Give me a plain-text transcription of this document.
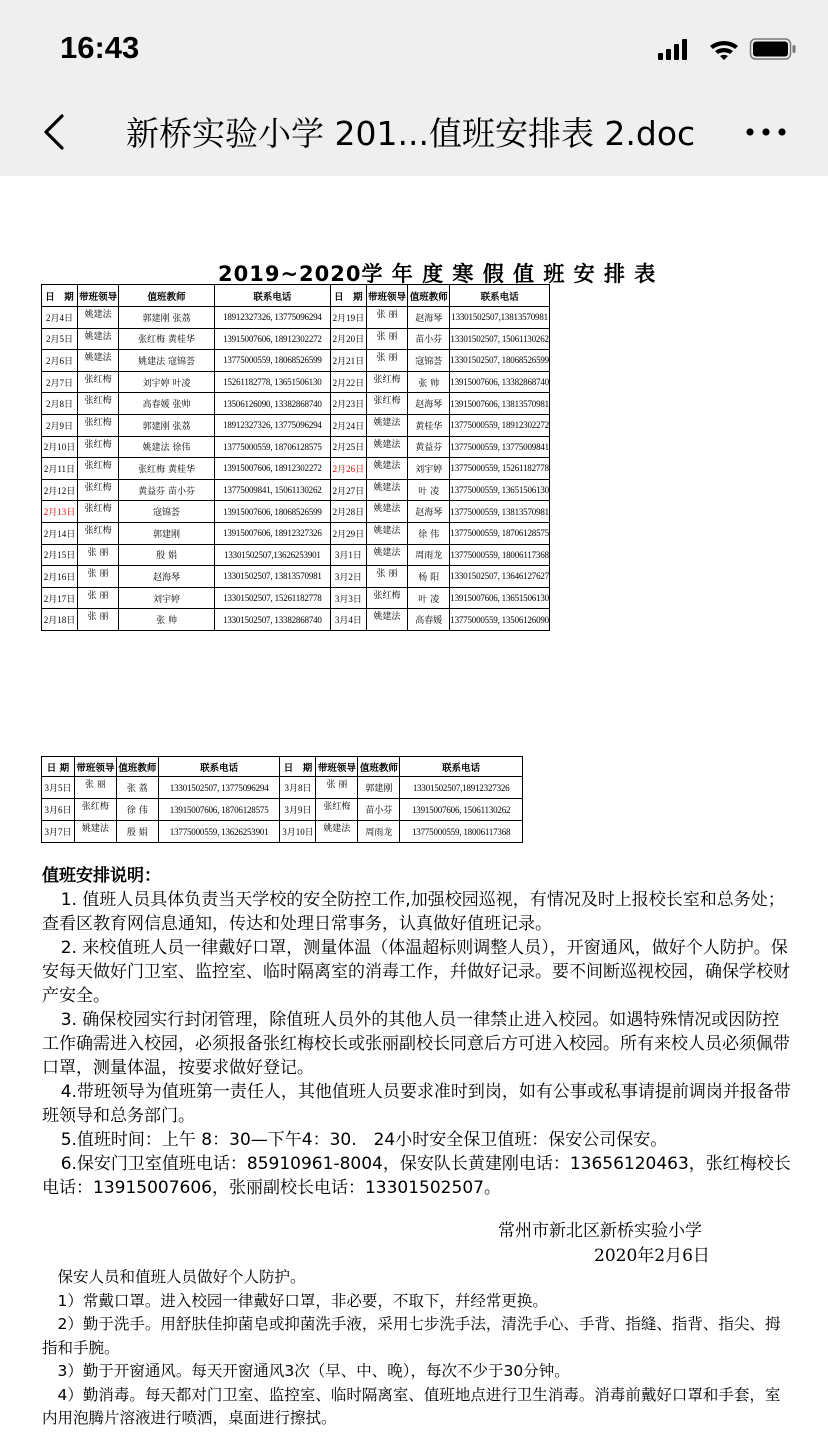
16:43
新桥实验小学 201...值班安排表 2.doc
2019~2020学 年 度 寒 假 值 班 安 排 表
日　期	带班领导	值班教师	联系电话	日　期	带班领导	值班教师	联系电话
2月4日	姚建法	郭建刚 张荔	18912327326, 13775096294	2月19日	张 丽	赵海琴	13301502507,13813570981
2月5日	姚建法	张红梅 黄桂华	13915007606, 18912302272	2月20日	张 丽	苗小芬	13301502507, 15061130262
2月6日	姚建法	姚建法 寇锦荟	13775000559, 18068526599	2月21日	张 丽	寇锦荟	13301502507, 18068526599
2月7日	张红梅	刘宇婷 叶凌	15261182778, 13651506130	2月22日	张红梅	张 帅	13915007606, 13382868740
2月8日	张红梅	高春媛 张帅	13506126090, 13382868740	2月23日	张红梅	赵海琴	13915007606, 13813570981
2月9日	张红梅	郭建刚 张荔	18912327326, 13775096294	2月24日	姚建法	黄桂华	13775000559, 18912302272
2月10日	张红梅	姚建法 徐伟	13775000559, 18706128575	2月25日	姚建法	黄益芬	13775000559, 13775009841
2月11日	张红梅	张红梅 黄桂华	13915007606, 18912302272	2月26日	姚建法	刘宇婷	13775000559, 15261182778
2月12日	张红梅	黄益芬 苗小芬	13775009841, 15061130262	2月27日	姚建法	叶 凌	13775000559, 13651506130
2月13日	张红梅	寇锦荟	13915007606, 18068526599	2月28日	姚建法	赵海琴	13775000559, 13813570981
2月14日	张红梅	郭建刚	13915007606, 18912327326	2月29日	姚建法	徐 伟	13775000559, 18706128575
2月15日	张 丽	殷 娟	13301502507,13626253901	3月1日	姚建法	周雨龙	13775000559, 18006117368
2月16日	张 丽	赵海琴	13301502507, 13813570981	3月2日	张 丽	杨 阳	13301502507, 13646127627
2月17日	张 丽	刘宇婷	13301502507, 15261182778	3月3日	张红梅	叶 凌	13915007606, 13651506130
2月18日	张 丽	张 帅	13301502507, 13382868740	3月4日	姚建法	高春媛	13775000559, 13506126090
日 期	带班领导	值班教师	联系电话	日　期	带班领导	值班教师	联系电话
3月5日	张 丽	张 荔	13301502507, 13775096294	3月8日	张 丽	郭建刚	13301502507,18912327326
3月6日	张红梅	徐 伟	13915007606, 18706128575	3月9日	张红梅	苗小芬	13915007606, 15061130262
3月7日	姚建法	殷 娟	13775000559, 13626253901	3月10日	姚建法	周雨龙	13775000559, 18006117368
值班安排说明：

1. 值班人员具体负责当天学校的安全防控工作,加强校园巡视，有情况及时上报校长室和总务处；查看区教育网信息通知，传达和处理日常事务，认真做好值班记录。

2. 来校值班人员一律戴好口罩，测量体温（体温超标则调整人员），开窗通风，做好个人防护。保安每天做好门卫室、监控室、临时隔离室的消毒工作，幷做好记录。要不间断巡视校园，确保学校财产安全。

3. 确保校园实行封闭管理，除值班人员外的其他人员一律禁止进入校园。如遇特殊情况或因防控工作确需进入校园，必须报备张红梅校长或张丽副校长同意后方可进入校园。所有来校人员必须佩带口罩，测量体温，按要求做好登记。

4.带班领导为值班第一责任人，其他值班人员要求准时到岗，如有公事或私事请提前调岗并报备带班领导和总务部门。

5.值班时间：上午 8：30—下午4：30.　24小时安全保卫值班：保安公司保安。

6.保安门卫室值班电话：85910961-8004，保安队长黄建刚电话：13656120463，张红梅校长电话：13915007606，张丽副校长电话：13301502507。

常州市新北区新桥实验小学
2020年2月6日

　保安人员和值班人员做好个人防护。

　1）常戴口罩。进入校园一律戴好口罩，非必要，不取下，幷经常更换。

　2）勤于洗手。用舒肤佳抑菌皂或抑菌洗手液，采用七步洗手法，清洗手心、手背、指缝、指背、指尖、拇指和手腕。

　3）勤于开窗通风。每天开窗通风3次（早、中、晚），每次不少于30分钟。

　4）勤消毒。每天都对门卫室、监控室、临时隔离室、值班地点进行卫生消毒。消毒前戴好口罩和手套，室内用泡腾片溶液进行喷洒，桌面进行擦拭。
